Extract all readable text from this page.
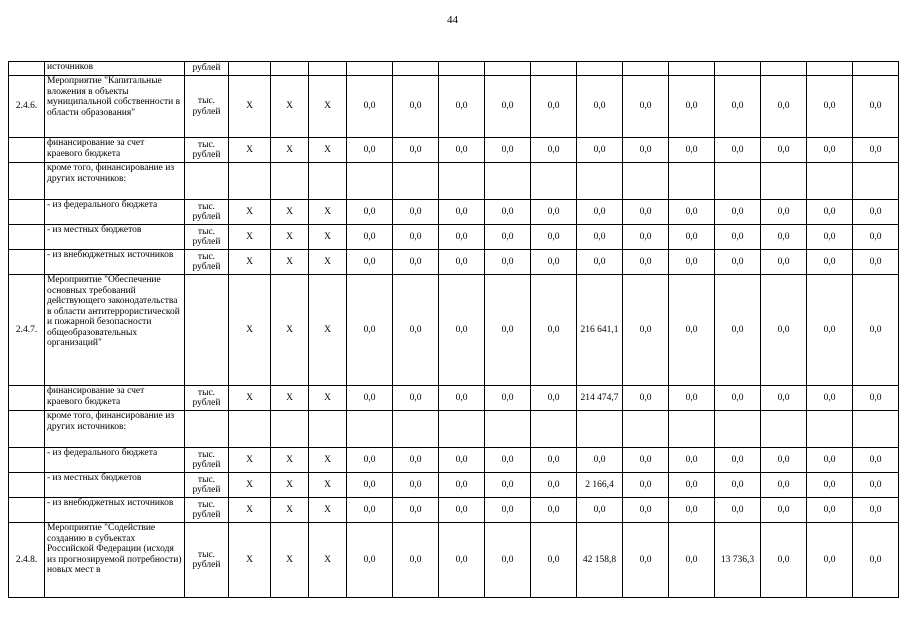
44
	источников	рублей															
2.4.6.	Мероприятие "Капитальные вложения в объекты муниципальной собственности в области образования"	тыс. рублей	X	X	X	0,0	0,0	0,0	0,0	0,0	0,0	0,0	0,0	0,0	0,0	0,0	0,0
	финансирование за счет краевого бюджета	тыс. рублей	X	X	X	0,0	0,0	0,0	0,0	0,0	0,0	0,0	0,0	0,0	0,0	0,0	0,0
	кроме того, финансирование из других источников:																
	- из федерального бюджета	тыс. рублей	X	X	X	0,0	0,0	0,0	0,0	0,0	0,0	0,0	0,0	0,0	0,0	0,0	0,0
	- из местных бюджетов	тыс. рублей	X	X	X	0,0	0,0	0,0	0,0	0,0	0,0	0,0	0,0	0,0	0,0	0,0	0,0
	- из внебюджетных источников	тыс. рублей	X	X	X	0,0	0,0	0,0	0,0	0,0	0,0	0,0	0,0	0,0	0,0	0,0	0,0
2.4.7.	Мероприятие "Обеспечение основных требований действующего законодательства в области антитеррористической и пожарной безопасности общеобразовательных организаций"		X	X	X	0,0	0,0	0,0	0,0	0,0	216 641,1	0,0	0,0	0,0	0,0	0,0	0,0
	финансирование за счет краевого бюджета	тыс. рублей	X	X	X	0,0	0,0	0,0	0,0	0,0	214 474,7	0,0	0,0	0,0	0,0	0,0	0,0
	кроме того, финансирование из других источников:																
	- из федерального бюджета	тыс. рублей	X	X	X	0,0	0,0	0,0	0,0	0,0	0,0	0,0	0,0	0,0	0,0	0,0	0,0
	- из местных бюджетов	тыс. рублей	X	X	X	0,0	0,0	0,0	0,0	0,0	2 166,4	0,0	0,0	0,0	0,0	0,0	0,0
	- из внебюджетных источников	тыс. рублей	X	X	X	0,0	0,0	0,0	0,0	0,0	0,0	0,0	0,0	0,0	0,0	0,0	0,0
2.4.8.	Мероприятие "Содействие созданию в субъектах Российской Федерации (исходя из прогнозируемой потребности) новых мест в	тыс. рублей	X	X	X	0,0	0,0	0,0	0,0	0,0	42 158,8	0,0	0,0	13 736,3	0,0	0,0	0,0
